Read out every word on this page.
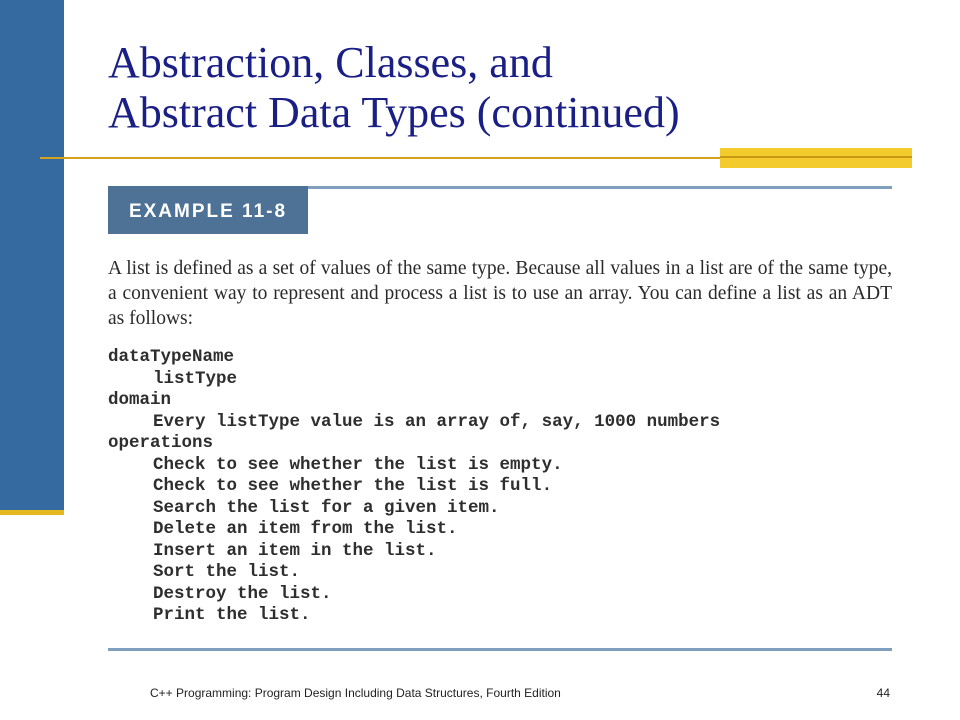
Abstraction, Classes, and
Abstract Data Types (continued)
EXAMPLE 11-8

A list is defined as a set of values of the same type. Because all values in a list are of the same type, a convenient way to represent and process a list is to use an array. You can define a list as an ADT as follows:

dataTypeName
listType
domain
Every listType value is an array of, say, 1000 numbers
operations
Check to see whether the list is empty.
Check to see whether the list is full.
Search the list for a given item.
Delete an item from the list.
Insert an item in the list.
Sort the list.
Destroy the list.
Print the list.
C++ Programming: Program Design Including Data Structures, Fourth Edition	44
